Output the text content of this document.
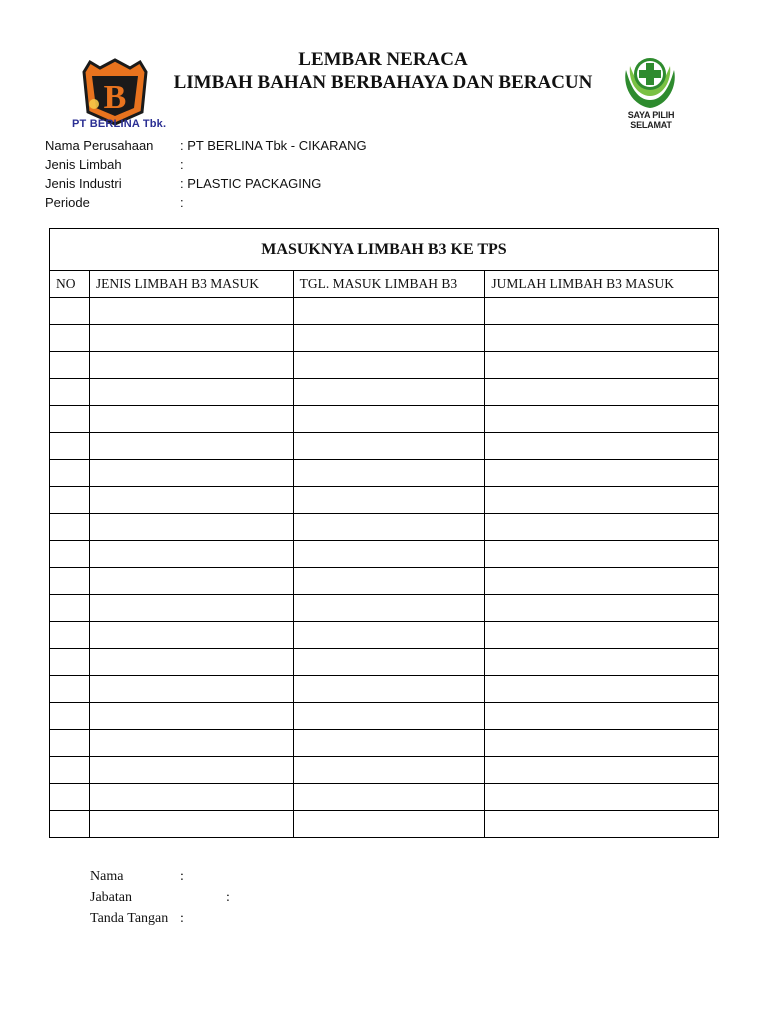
LEMBAR NERACA
LIMBAH BAHAN BERBAHAYA DAN BERACUN
B
PT BERLINA Tbk.
SAYA PILIH SELAMAT
Nama Perusahaan	: PT BERLINA Tbk - CIKARANG
Jenis Limbah	:
Jenis Industri	: PLASTIC PACKAGING
Periode	:
MASUKNYA LIMBAH B3 KE TPS			
NO	JENIS LIMBAH B3 MASUK	TGL. MASUK LIMBAH B3	JUMLAH LIMBAH B3 MASUK

Nama	:
Jabatan	:
Tanda Tangan :
